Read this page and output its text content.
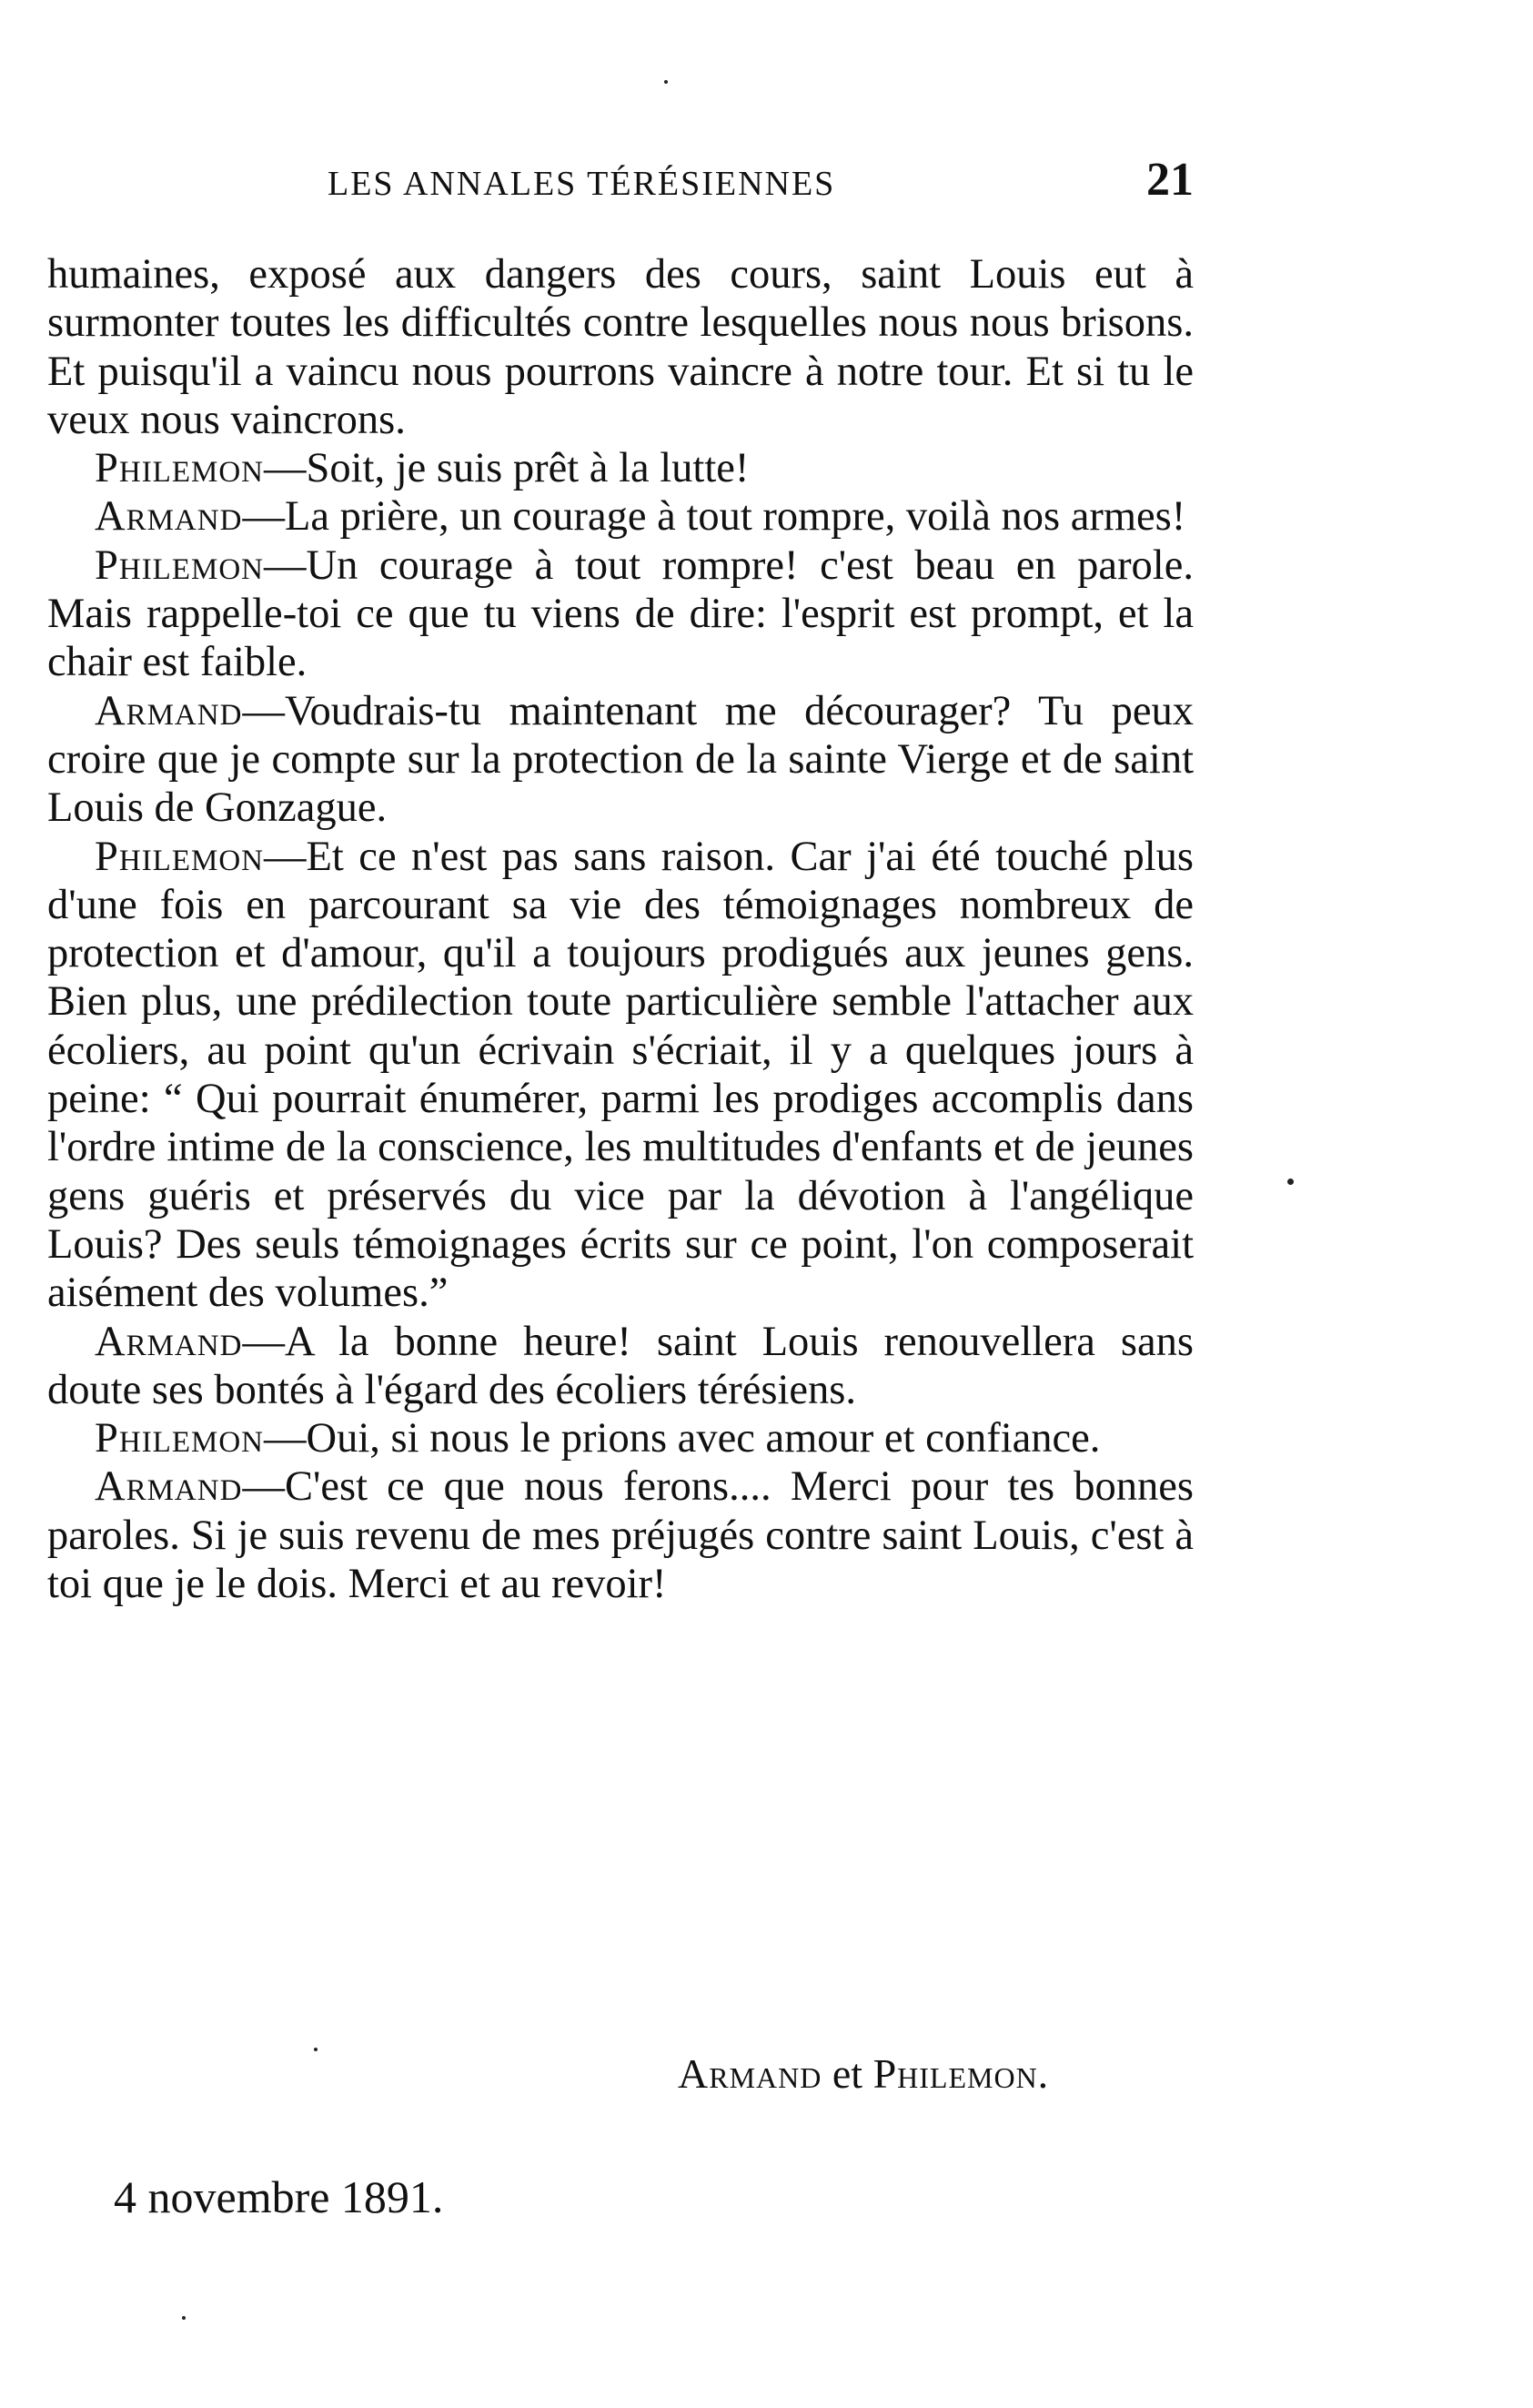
LES ANNALES TÉRÉSIENNES	21

humaines, exposé aux dangers des cours, saint Louis eut à surmonter toutes les difficultés contre lesquelles nous nous brisons. Et puisqu'il a vaincu nous pourrons vaincre à notre tour. Et si tu le veux nous vaincrons.

Philemon—Soit, je suis prêt à la lutte!

Armand—La prière, un courage à tout rompre, voilà nos armes!

Philemon—Un courage à tout rompre! c'est beau en parole. Mais rappelle-toi ce que tu viens de dire: l'esprit est prompt, et la chair est faible.

Armand—Voudrais-tu maintenant me décourager? Tu peux croire que je compte sur la protection de la sainte Vierge et de saint Louis de Gonzague.

Philemon—Et ce n'est pas sans raison. Car j'ai été touché plus d'une fois en parcourant sa vie des témoignages nombreux de protection et d'amour, qu'il a toujours prodigués aux jeunes gens. Bien plus, une prédilection toute particulière semble l'attacher aux écoliers, au point qu'un écrivain s'écriait, il y a quelques jours à peine: “ Qui pourrait énumérer, parmi les prodiges accomplis dans l'ordre intime de la conscience, les multitudes d'enfants et de jeunes gens guéris et préservés du vice par la dévotion à l'angélique Louis? Des seuls témoignages écrits sur ce point, l'on composerait aisément des volumes.”

Armand—A la bonne heure! saint Louis renouvellera sans doute ses bontés à l'égard des écoliers térésiens.

Philemon—Oui, si nous le prions avec amour et confiance.

Armand—C'est ce que nous ferons.... Merci pour tes bonnes paroles. Si je suis revenu de mes préjugés contre saint Louis, c'est à toi que je le dois. Merci et au revoir!

Armand et Philemon.
4 novembre 1891.
